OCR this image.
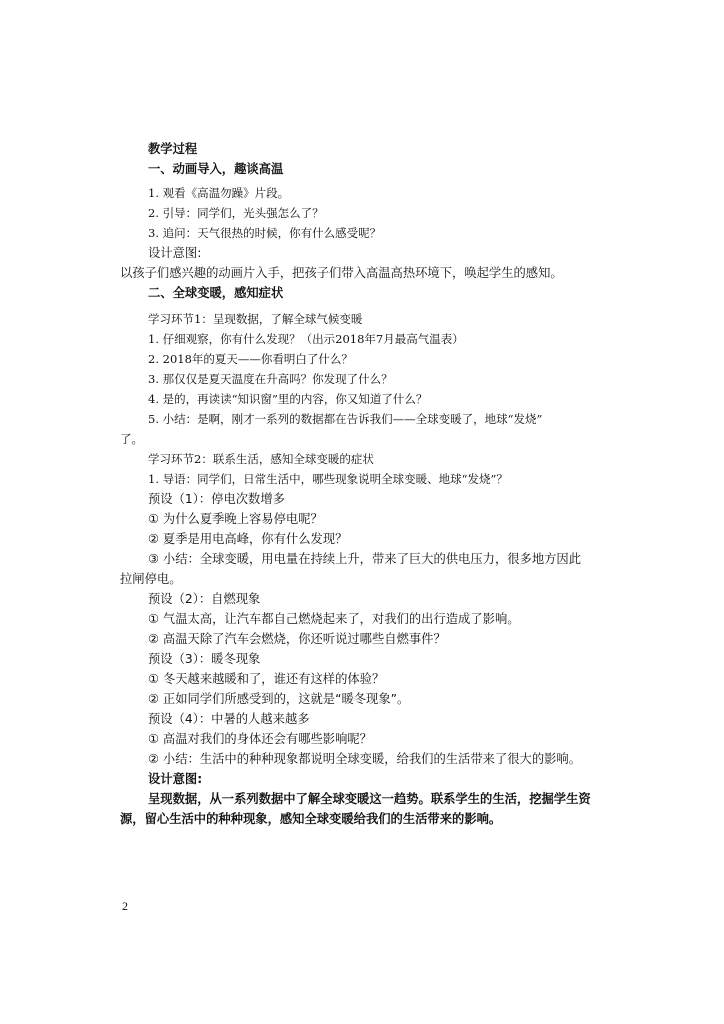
教学过程
一、动画导入，趣谈高温
1. 观看《高温勿躁》片段。
2. 引导：同学们，光头强怎么了？
3. 追问：天气很热的时候，你有什么感受呢？
设计意图:
以孩子们感兴趣的动画片入手，把孩子们带入高温高热环境下，唤起学生的感知。
二、全球变暖，感知症状
学习环节1：呈现数据，了解全球气候变暖
1. 仔细观察，你有什么发现？（出示2018年7月最高气温表）
2. 2018年的夏天——你看明白了什么？
3. 那仅仅是夏天温度在升高吗？你发现了什么？
4. 是的，再读读“知识窗”里的内容，你又知道了什么？
5. 小结：是啊，刚才一系列的数据都在告诉我们——全球变暖了，地球“发烧”
了。
学习环节2：联系生活，感知全球变暖的症状
1. 导语：同学们，日常生活中，哪些现象说明全球变暖、地球“发烧”？
预设（1）：停电次数增多
① 为什么夏季晚上容易停电呢？
② 夏季是用电高峰，你有什么发现？
③ 小结：全球变暖，用电量在持续上升，带来了巨大的供电压力，很多地方因此
拉闸停电。
预设（2）：自燃现象
① 气温太高，让汽车都自己燃烧起来了，对我们的出行造成了影响。
② 高温天除了汽车会燃烧，你还听说过哪些自燃事件？
预设（3）：暖冬现象
① 冬天越来越暖和了，谁还有这样的体验？
② 正如同学们所感受到的，这就是“暖冬现象”。
预设（4）：中暑的人越来越多
① 高温对我们的身体还会有哪些影响呢？
② 小结：生活中的种种现象都说明全球变暖，给我们的生活带来了很大的影响。
设计意图:
呈现数据，从一系列数据中了解全球变暖这一趋势。联系学生的生活，挖掘学生资
源，留心生活中的种种现象，感知全球变暖给我们的生活带来的影响。
2
